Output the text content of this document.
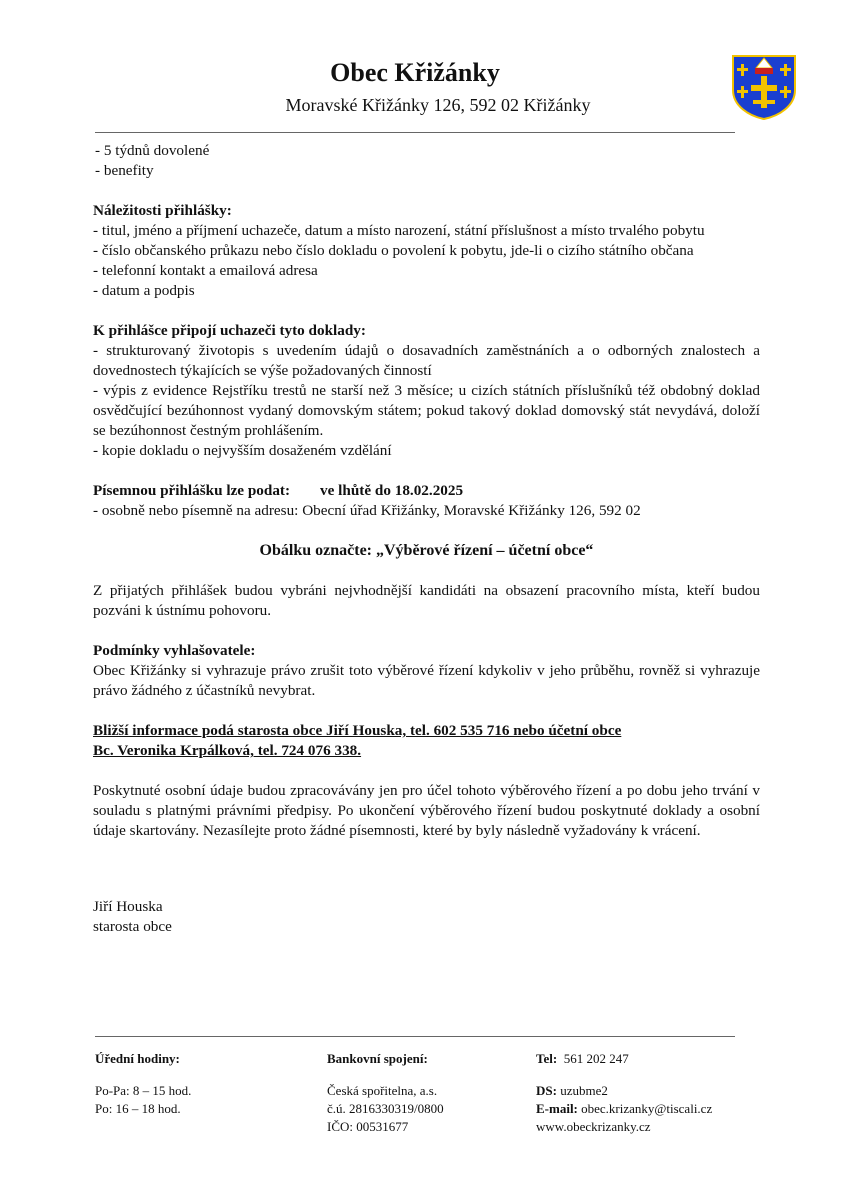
Obec Křižánky
Moravské Křižánky 126, 592 02 Křižánky

- 5 týdnů dovolené

- benefity

Náležitosti přihlášky:

- titul, jméno a příjmení uchazeče, datum a místo narození, státní příslušnost a místo trvalého pobytu

- číslo občanského průkazu nebo číslo dokladu o povolení k pobytu, jde-li o cizího státního občana

- telefonní kontakt a emailová adresa

- datum a podpis

K přihlášce připojí uchazeči tyto doklady:

- strukturovaný životopis s uvedením údajů o dosavadních zaměstnáních a o odborných znalostech a dovednostech týkajících se výše požadovaných činností

- výpis z evidence Rejstříku trestů ne starší než 3 měsíce; u cizích státních příslušníků též obdobný doklad osvědčující bezúhonnost vydaný domovským státem; pokud takový doklad domovský stát nevydává, doloží se bezúhonnost čestným prohlášením.

- kopie dokladu o nejvyšším dosaženém vzdělání

Písemnou přihlášku lze podat: ve lhůtě do 18.02.2025

- osobně nebo písemně na adresu: Obecní úřad Křižánky, Moravské Křižánky 126, 592 02

Obálku označte: „Výběrové řízení – účetní obce“

Z přijatých přihlášek budou vybráni nejvhodnější kandidáti na obsazení pracovního místa, kteří budou pozváni k ústnímu pohovoru.

Podmínky vyhlašovatele:

Obec Křižánky si vyhrazuje právo zrušit toto výběrové řízení kdykoliv v jeho průběhu, rovněž si vyhrazuje právo žádného z účastníků nevybrat.

Bližší informace podá starosta obce Jiří Houska, tel. 602 535 716 nebo účetní obce

Bc. Veronika Krpálková, tel. 724 076 338.

Poskytnuté osobní údaje budou zpracovávány jen pro účel tohoto výběrového řízení a po dobu jeho trvání v souladu s platnými právními předpisy. Po ukončení výběrového řízení budou poskytnuté doklady a osobní údaje skartovány. Nezasílejte proto žádné písemnosti, které by byly následně vyžadovány k vrácení.

Jiří Houska

starosta obce

Úřední hodiny:

Po-Pa: 8 – 15 hod.

Po: 16 – 18 hod.

Bankovní spojení:

Česká spořitelna, a.s.

č.ú. 2816330319/0800

IČO: 00531677

Tel: 561 202 247

DS: uzubme2

E-mail: obec.krizanky@tiscali.cz

www.obeckrizanky.cz
